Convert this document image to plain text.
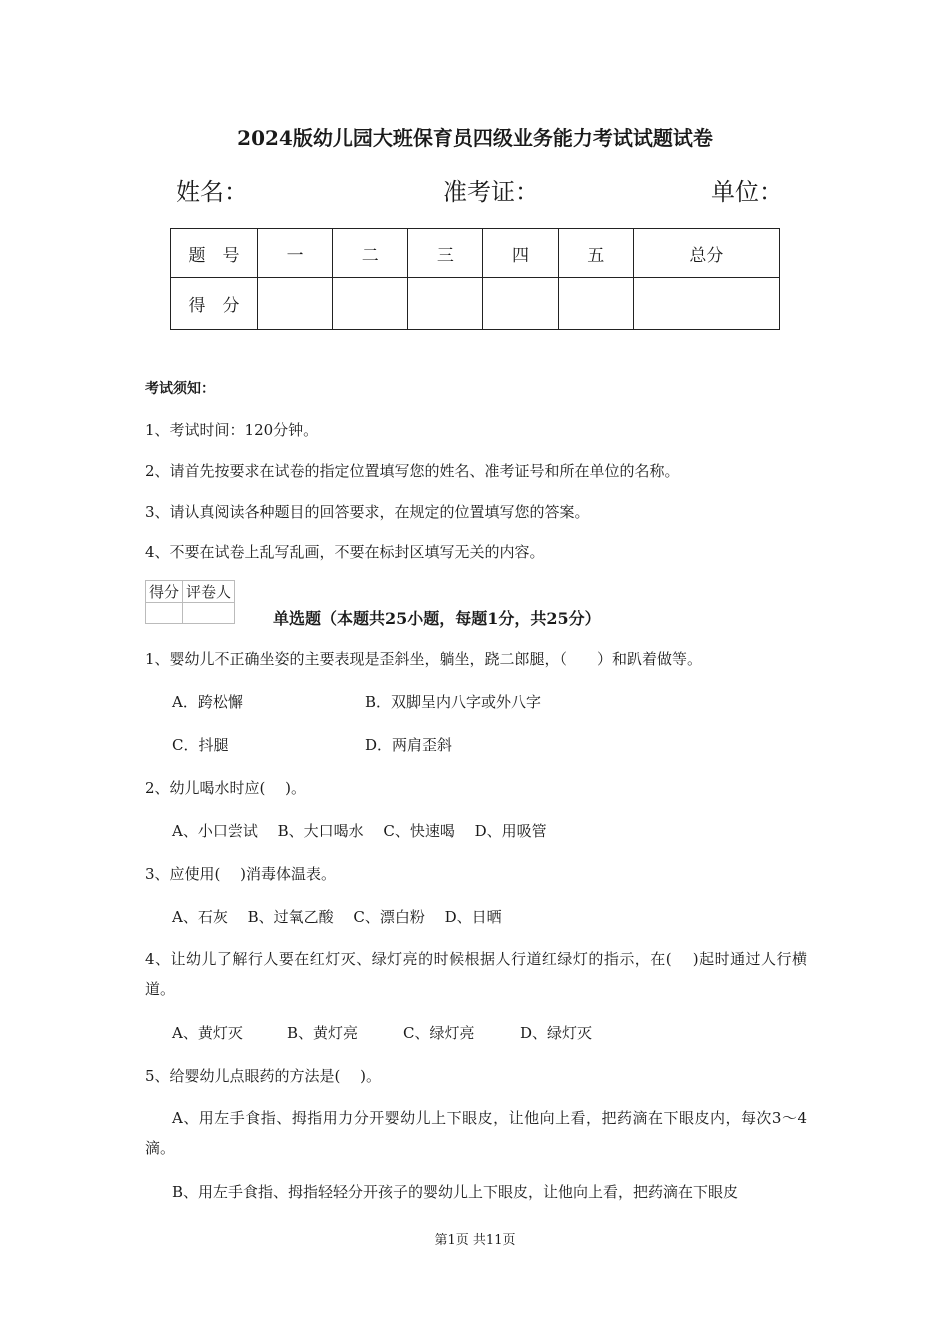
2024版幼儿园大班保育员四级业务能力考试试题试卷
姓名：	准考证：	单位：
题　号	一	二	三	四	五	总分
得　分						
考试须知：
1、考试时间：120分钟。
2、请首先按要求在试卷的指定位置填写您的姓名、准考证号和所在单位的名称。
3、请认真阅读各种题目的回答要求，在规定的位置填写您的答案。
4、不要在试卷上乱写乱画，不要在标封区填写无关的内容。
得分	评卷人

单选题（本题共25小题，每题1分，共25分）
1、婴幼儿不正确坐姿的主要表现是歪斜坐，躺坐，跷二郎腿，（　　）和趴着做等。
A．跨松懈	B．双脚呈内八字或外八字
C．抖腿	D．两肩歪斜
2、幼儿喝水时应(　 )。
A、小口尝试　 B、大口喝水　 C、快速喝　 D、用吸管
3、应使用(　 )消毒体温表。
A、石灰　 B、过氧乙酸　 C、漂白粉　 D、日晒
4、让幼儿了解行人要在红灯灭、绿灯亮的时候根据人行道红绿灯的指示，在(　 )起时通过人行横道。
A、黄灯灭	B、黄灯亮	C、绿灯亮	D、绿灯灭
5、给婴幼儿点眼药的方法是(　 )。
A、用左手食指、拇指用力分开婴幼儿上下眼皮，让他向上看，把药滴在下眼皮内，每次3～4滴。
B、用左手食指、拇指轻轻分开孩子的婴幼儿上下眼皮，让他向上看，把药滴在下眼皮
第1页 共11页
